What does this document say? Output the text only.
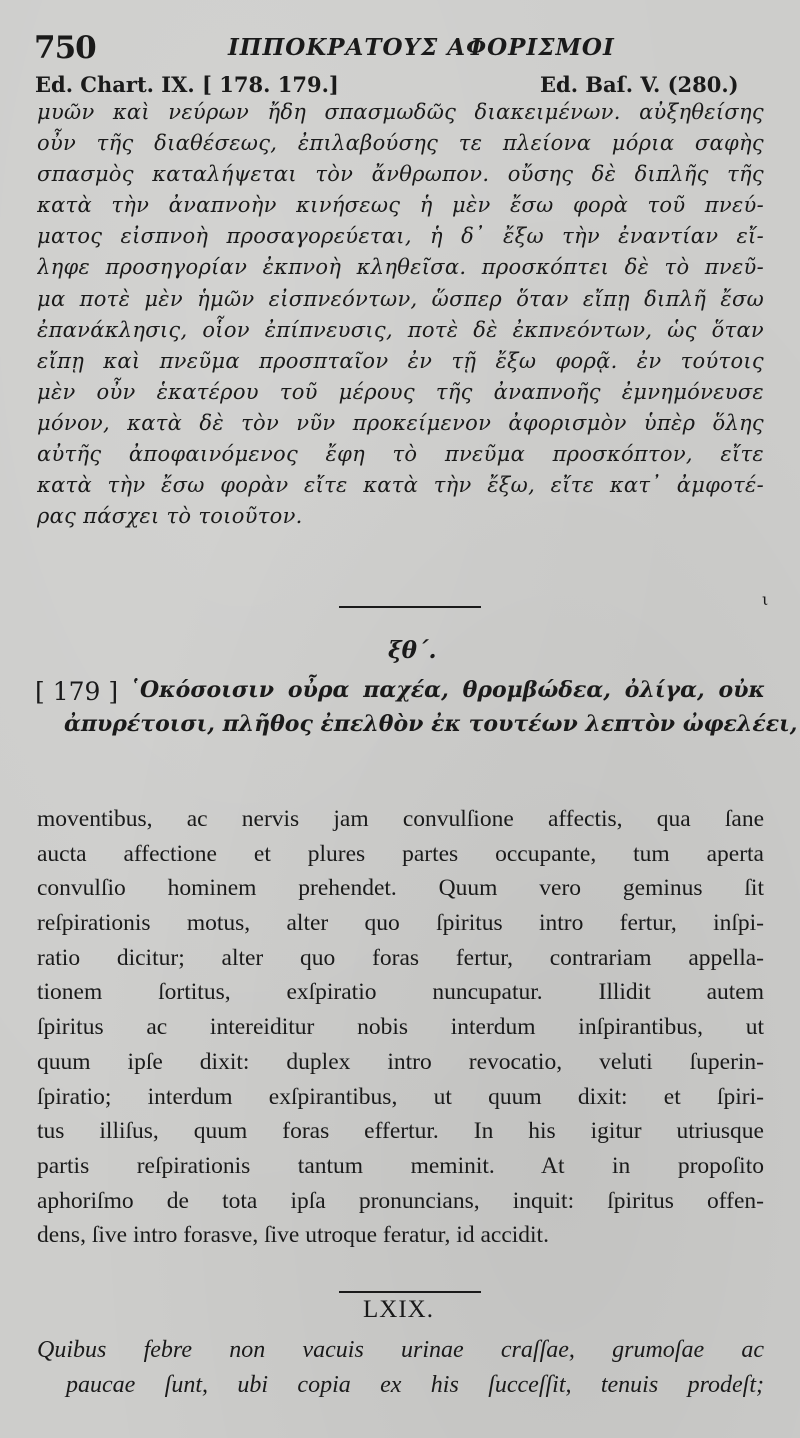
750	ΙΠΠΟΚΡΑΤΟΥΣ ΑΦΟΡΙΣΜΟΙ
Ed. Chart. IX. [ 178. 179.]	Ed. Baſ. V. (280.)
μυῶν καὶ νεύρων ἤδη σπασμωδῶς διακειμένων. αὐξηθείσης
οὖν τῆς διαθέσεως, ἐπιλαβούσης τε πλείονα μόρια σαφὴς
σπασμὸς καταλήψεται τὸν ἄνθρωπον. οὔσης δὲ διπλῆς τῆς
κατὰ τὴν ἀναπνοὴν κινήσεως ἡ μὲν ἔσω φορὰ τοῦ πνεύ-
ματος εἰσπνοὴ προσαγορεύεται, ἡ δ᾽ ἔξω τὴν ἐναντίαν εἴ-
ληφε προσηγορίαν ἐκπνοὴ κληθεῖσα. προσκόπτει δὲ τὸ πνεῦ-
μα ποτὲ μὲν ἡμῶν εἰσπνεόντων, ὥσπερ ὅταν εἴπῃ διπλῆ ἔσω
ἐπανάκλησις, οἷον ἐπίπνευσις, ποτὲ δὲ ἐκπνεόντων, ὡς ὅταν
εἴπῃ καὶ πνεῦμα προσπταῖον ἐν τῇ ἔξω φορᾷ. ἐν τούτοις
μὲν οὖν ἑκατέρου τοῦ μέρους τῆς ἀναπνοῆς ἐμνημόνευσε
μόνον, κατὰ δὲ τὸν νῦν προκείμενον ἀφορισμὸν ὑπὲρ ὅλης
αὐτῆς ἀποφαινόμενος ἔφη τὸ πνεῦμα προσκόπτον, εἴτε
κατὰ τὴν ἔσω φορὰν εἴτε κατὰ τὴν ἔξω, εἴτε κατ᾽ ἀμφοτέ-
ρας πάσχει τὸ τοιοῦτον.
ι
ξθ΄.
[ 179 ] ῾Οκόσοισιν οὖρα παχέα, θρομβώδεα, ὀλίγα, οὐκ
ἀπυρέτοισι, πλῆθος ἐπελθὸν ἐκ τουτέων λεπτὸν ὠφελέει,
moventibus, ac nervis jam convulſione affectis, qua ſane
aucta affectione et plures partes occupante, tum aperta
convulſio hominem prehendet. Quum vero geminus ſit
reſpirationis motus, alter quo ſpiritus intro fertur, inſpi-
ratio dicitur; alter quo foras fertur, contrariam appella-
tionem ſortitus, exſpiratio nuncupatur. Illidit autem
ſpiritus ac intereiditur nobis interdum inſpirantibus, ut
quum ipſe dixit: duplex intro revocatio, veluti ſuperin-
ſpiratio; interdum exſpirantibus, ut quum dixit: et ſpiri-
tus illiſus, quum foras effertur. In his igitur utriusque
partis reſpirationis tantum meminit. At in propoſito
aphoriſmo de tota ipſa pronuncians, inquit: ſpiritus offen-
dens, ſive intro forasve, ſive utroque feratur, id accidit.
LXIX.
Quibus febre non vacuis urinae craſſae, grumoſae ac
paucae ſunt, ubi copia ex his ſucceſſit, tenuis prodeſt;
